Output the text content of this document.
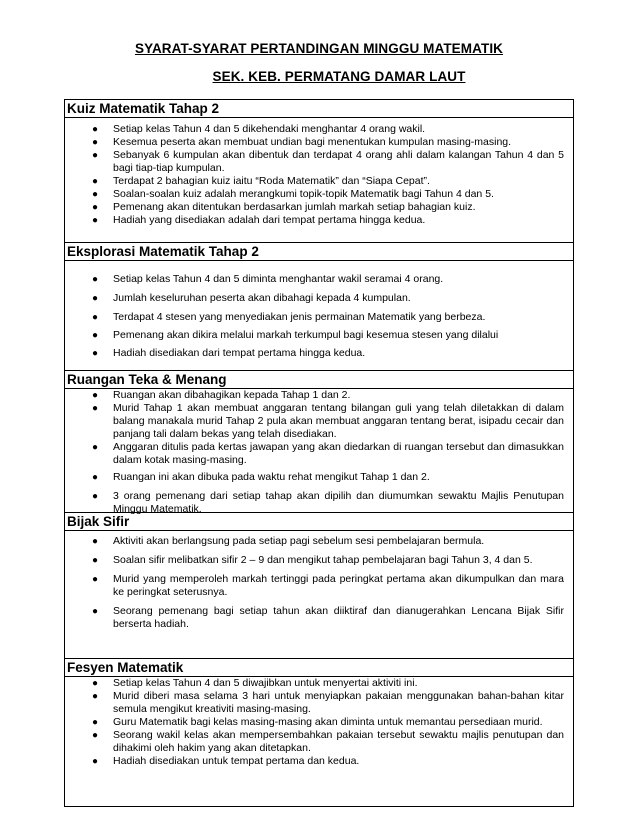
SYARAT-SYARAT PERTANDINGAN MINGGU MATEMATIK
SEK. KEB. PERMATANG DAMAR LAUT
Kuiz Matematik Tahap 2
● Setiap kelas Tahun 4 dan 5 dikehendaki menghantar 4 orang wakil.
● Kesemua peserta akan membuat undian bagi menentukan kumpulan masing-masing.
● Sebanyak 6 kumpulan akan dibentuk dan terdapat 4 orang ahli dalam kalangan Tahun 4 dan 5 bagi tiap-tiap kumpulan.
● Terdapat 2 bahagian kuiz iaitu “Roda Matematik” dan “Siapa Cepat”.
● Soalan-soalan kuiz adalah merangkumi topik-topik Matematik bagi Tahun 4 dan 5.
● Pemenang akan ditentukan berdasarkan jumlah markah setiap bahagian kuiz.
● Hadiah yang disediakan adalah dari tempat pertama hingga kedua.
Eksplorasi Matematik Tahap 2
● Setiap kelas Tahun 4 dan 5 diminta menghantar wakil seramai 4 orang.
● Jumlah keseluruhan peserta akan dibahagi kepada 4 kumpulan.
● Terdapat 4 stesen yang menyediakan jenis permainan Matematik yang berbeza.
● Pemenang akan dikira melalui markah terkumpul bagi kesemua stesen yang dilalui
● Hadiah disediakan dari tempat pertama hingga kedua.
Ruangan Teka & Menang
● Ruangan akan dibahagikan kepada Tahap 1 dan 2.
● Murid Tahap 1 akan membuat anggaran tentang bilangan guli yang telah diletakkan di dalam balang manakala murid Tahap 2 pula akan membuat anggaran tentang berat, isipadu cecair dan panjang tali dalam bekas yang telah disediakan.
● Anggaran ditulis pada kertas jawapan yang akan diedarkan di ruangan tersebut dan dimasukkan dalam kotak masing-masing.
● Ruangan ini akan dibuka pada waktu rehat mengikut Tahap 1 dan 2.
● 3 orang pemenang dari setiap tahap akan dipilih dan diumumkan sewaktu Majlis Penutupan Minggu Matematik.
Bijak Sifir
● Aktiviti akan berlangsung pada setiap pagi sebelum sesi pembelajaran bermula.
● Soalan sifir melibatkan sifir 2 – 9 dan mengikut tahap pembelajaran bagi Tahun 3, 4 dan 5.
● Murid yang memperoleh markah tertinggi pada peringkat pertama akan dikumpulkan dan mara ke peringkat seterusnya.
● Seorang pemenang bagi setiap tahun akan diiktiraf dan dianugerahkan Lencana Bijak Sifir berserta hadiah.
Fesyen Matematik
● Setiap kelas Tahun 4 dan 5 diwajibkan untuk menyertai aktiviti ini.
● Murid diberi masa selama 3 hari untuk menyiapkan pakaian menggunakan bahan-bahan kitar semula mengikut kreativiti masing-masing.
● Guru Matematik bagi kelas masing-masing akan diminta untuk memantau persediaan murid.
● Seorang wakil kelas akan mempersembahkan pakaian tersebut sewaktu majlis penutupan dan dihakimi oleh hakim yang akan ditetapkan.
● Hadiah disediakan untuk tempat pertama dan kedua.
